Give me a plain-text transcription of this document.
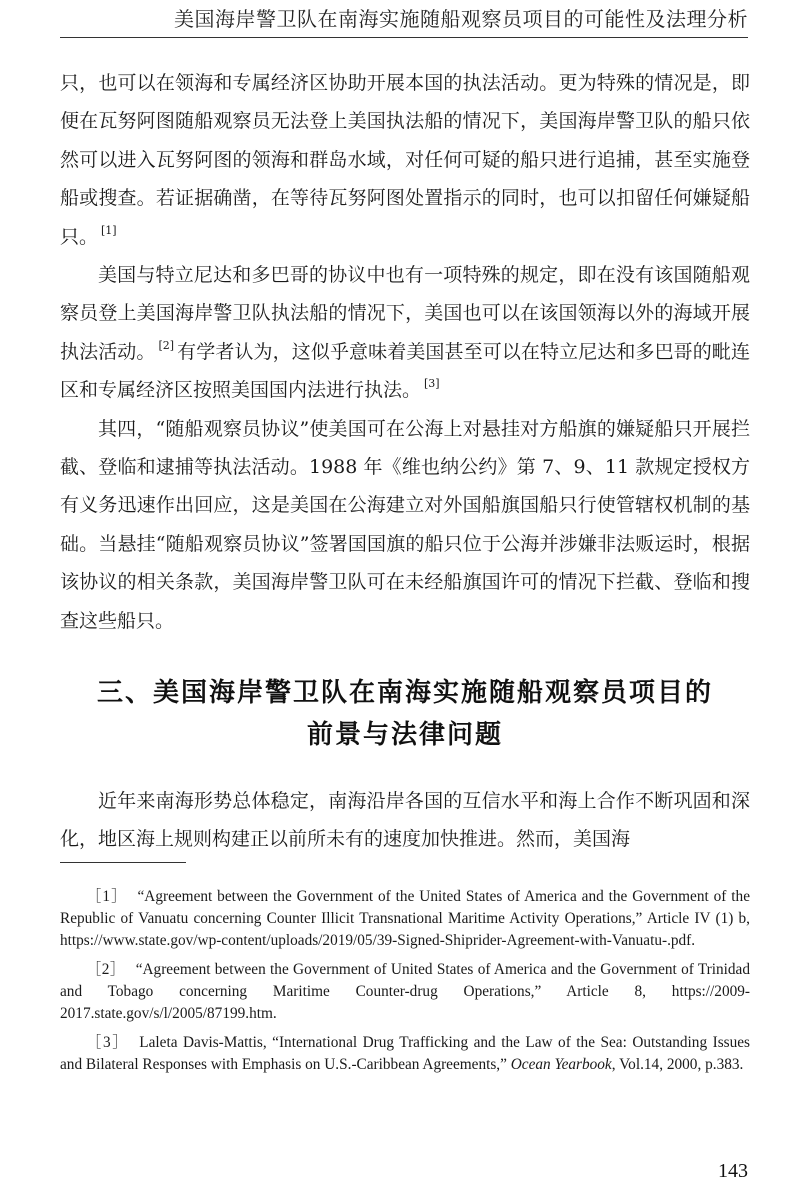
美国海岸警卫队在南海实施随船观察员项目的可能性及法理分析

只，也可以在领海和专属经济区协助开展本国的执法活动。更为特殊的情况是，即便在瓦努阿图随船观察员无法登上美国执法船的情况下，美国海岸警卫队的船只依然可以进入瓦努阿图的领海和群岛水域，对任何可疑的船只进行追捕，甚至实施登船或搜查。若证据确凿，在等待瓦努阿图处置指示的同时，也可以扣留任何嫌疑船只。 [1]

美国与特立尼达和多巴哥的协议中也有一项特殊的规定，即在没有该国随船观察员登上美国海岸警卫队执法船的情况下，美国也可以在该国领海以外的海域开展执法活动。 [2] 有学者认为，这似乎意味着美国甚至可以在特立尼达和多巴哥的毗连区和专属经济区按照美国国内法进行执法。 [3]

其四，“随船观察员协议”使美国可在公海上对悬挂对方船旗的嫌疑船只开展拦截、登临和逮捕等执法活动。1988 年《维也纳公约》第 7、9、11 款规定授权方有义务迅速作出回应，这是美国在公海建立对外国船旗国船只行使管辖权机制的基础。当悬挂“随船观察员协议”签署国国旗的船只位于公海并涉嫌非法贩运时，根据该协议的相关条款，美国海岸警卫队可在未经船旗国许可的情况下拦截、登临和搜查这些船只。

三、美国海岸警卫队在南海实施随船观察员项目的
前景与法律问题

近年来南海形势总体稳定，南海沿岸各国的互信水平和海上合作不断巩固和深化，地区海上规则构建正以前所未有的速度加快推进。然而，美国海

［1］ “Agreement between the Government of the United States of America and the Government of the Republic of Vanuatu concerning Counter Illicit Transnational Maritime Activity Operations,” Article IV (1) b, https://www.state.gov/wp-content/uploads/2019/05/39-Signed-Shiprider-Agreement-with-Vanuatu-.pdf.

［2］ “Agreement between the Government of United States of America and the Government of Trinidad and Tobago concerning Maritime Counter-drug Operations,” Article 8, https://2009-2017.state.gov/s/l/2005/87199.htm.

［3］ Laleta Davis-Mattis, “International Drug Trafficking and the Law of the Sea: Outstanding Issues and Bilateral Responses with Emphasis on U.S.-Caribbean Agreements,” Ocean Yearbook, Vol.14, 2000, p.383.

143
